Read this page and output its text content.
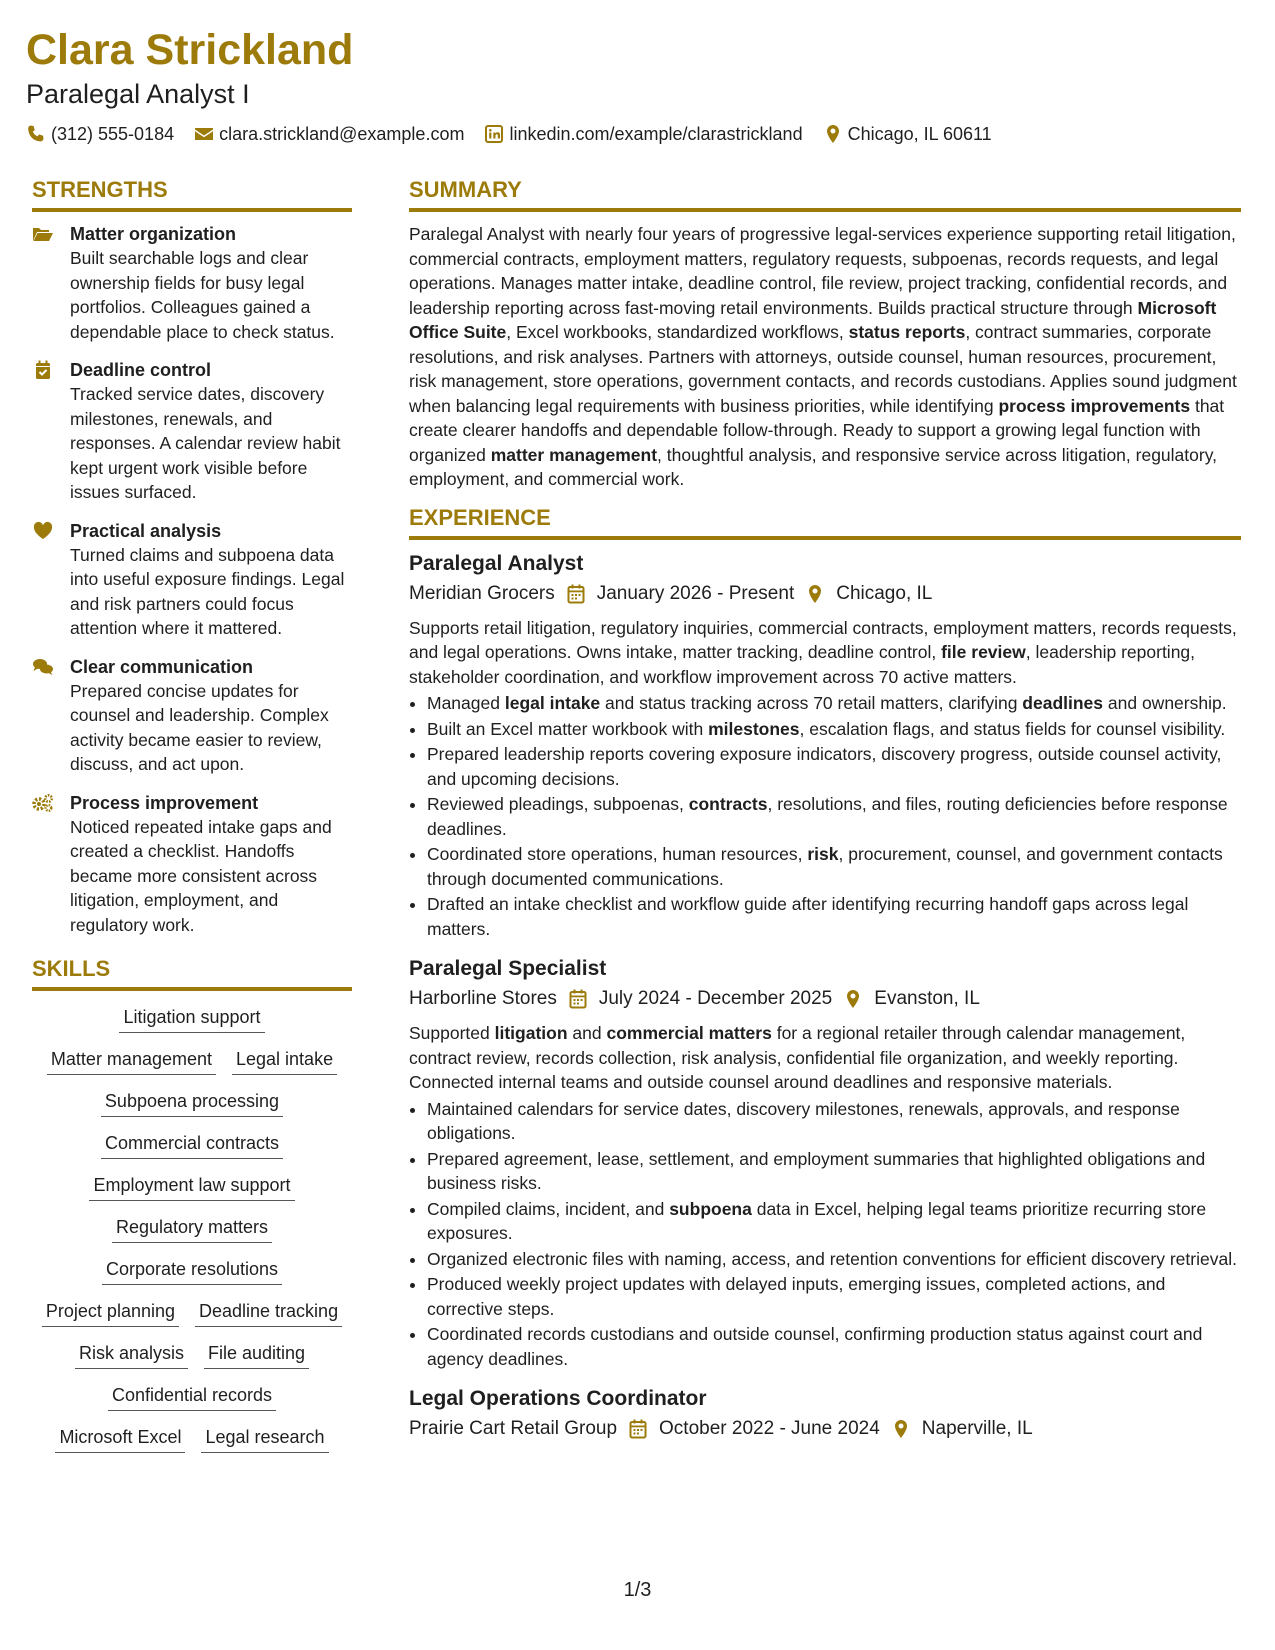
Clara Strickland
Paralegal Analyst I
(312) 555-0184	clara.strickland@example.com	linkedin.com/example/clarastrickland	Chicago, IL 60611
STRENGTHS
Matter organization
Built searchable logs and clear ownership fields for busy legal portfolios. Colleagues gained a dependable place to check status.
Deadline control
Tracked service dates, discovery milestones, renewals, and responses. A calendar review habit kept urgent work visible before issues surfaced.
Practical analysis
Turned claims and subpoena data into useful exposure findings. Legal and risk partners could focus attention where it mattered.
Clear communication
Prepared concise updates for counsel and leadership. Complex activity became easier to review, discuss, and act upon.
Process improvement
Noticed repeated intake gaps and created a checklist. Handoffs became more consistent across litigation, employment, and regulatory work.
SKILLS
Litigation support
Matter management Legal intake
Subpoena processing
Commercial contracts
Employment law support
Regulatory matters
Corporate resolutions
Project planning Deadline tracking
Risk analysis File auditing
Confidential records
Microsoft Excel Legal research
SUMMARY

Paralegal Analyst with nearly four years of progressive legal-services experience supporting retail litigation, commercial contracts, employment matters, regulatory requests, subpoenas, records requests, and legal operations. Manages matter intake, deadline control, file review, project tracking, confidential records, and leadership reporting across fast-moving retail environments. Builds practical structure through Microsoft Office Suite, Excel workbooks, standardized workflows, status reports, contract summaries, corporate resolutions, and risk analyses. Partners with attorneys, outside counsel, human resources, procurement, risk management, store operations, government contacts, and records custodians. Applies sound judgment when balancing legal requirements with business priorities, while identifying process improvements that create clearer handoffs and dependable follow-through. Ready to support a growing legal function with organized matter management, thoughtful analysis, and responsive service across litigation, regulatory, employment, and commercial work.

EXPERIENCE
Paralegal Analyst
Meridian Grocers January 2026 - Present Chicago, IL

Supports retail litigation, regulatory inquiries, commercial contracts, employment matters, records requests, and legal operations. Owns intake, matter tracking, deadline control, file review, leadership reporting, stakeholder coordination, and workflow improvement across 70 active matters.

• Managed legal intake and status tracking across 70 retail matters, clarifying deadlines and ownership.
• Built an Excel matter workbook with milestones, escalation flags, and status fields for counsel visibility.
• Prepared leadership reports covering exposure indicators, discovery progress, outside counsel activity, and upcoming decisions.
• Reviewed pleadings, subpoenas, contracts, resolutions, and files, routing deficiencies before response deadlines.
• Coordinated store operations, human resources, risk, procurement, counsel, and government contacts through documented communications.
• Drafted an intake checklist and workflow guide after identifying recurring handoff gaps across legal matters.
Paralegal Specialist
Harborline Stores July 2024 - December 2025 Evanston, IL

Supported litigation and commercial matters for a regional retailer through calendar management, contract review, records collection, risk analysis, confidential file organization, and weekly reporting. Connected internal teams and outside counsel around deadlines and responsive materials.

• Maintained calendars for service dates, discovery milestones, renewals, approvals, and response obligations.
• Prepared agreement, lease, settlement, and employment summaries that highlighted obligations and business risks.
• Compiled claims, incident, and subpoena data in Excel, helping legal teams prioritize recurring store exposures.
• Organized electronic files with naming, access, and retention conventions for efficient discovery retrieval.
• Produced weekly project updates with delayed inputs, emerging issues, completed actions, and corrective steps.
• Coordinated records custodians and outside counsel, confirming production status against court and agency deadlines.
Legal Operations Coordinator
Prairie Cart Retail Group October 2022 - June 2024 Naperville, IL
1/3
